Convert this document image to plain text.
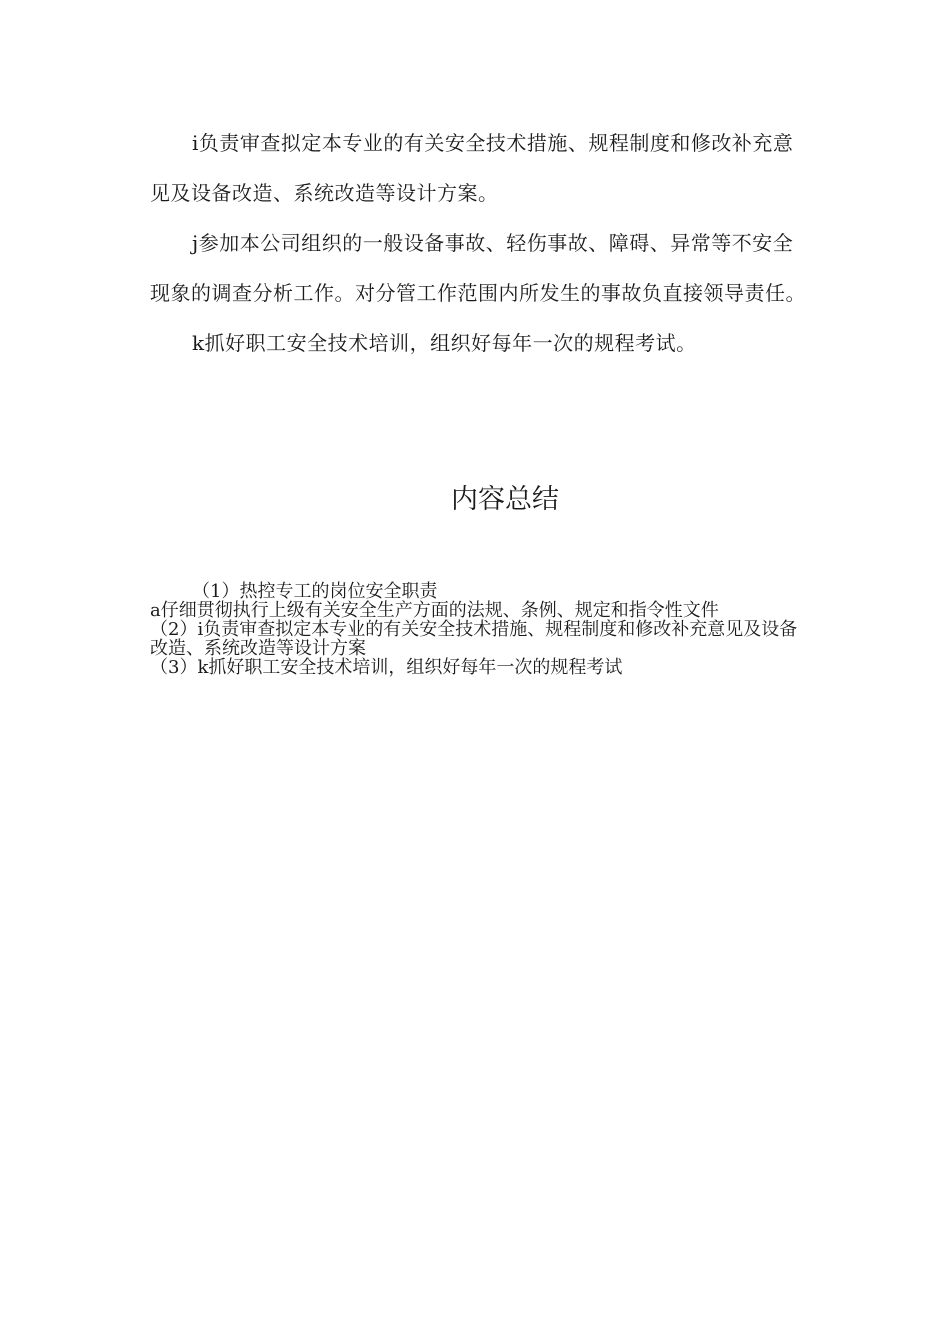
i负责审查拟定本专业的有关安全技术措施、规程制度和修改补充意见及设备改造、系统改造等设计方案。

j参加本公司组织的一般设备事故、轻伤事故、障碍、异常等不安全现象的调查分析工作。对分管工作范围内所发生的事故负直接领导责任。

k抓好职工安全技术培训，组织好每年一次的规程考试。

内容总结

（1）热控专工的岗位安全职责

a仔细贯彻执行上级有关安全生产方面的法规、条例、规定和指令性文件

（2）i负责审查拟定本专业的有关安全技术措施、规程制度和修改补充意见及设备改造、系统改造等设计方案

（3）k抓好职工安全技术培训，组织好每年一次的规程考试
